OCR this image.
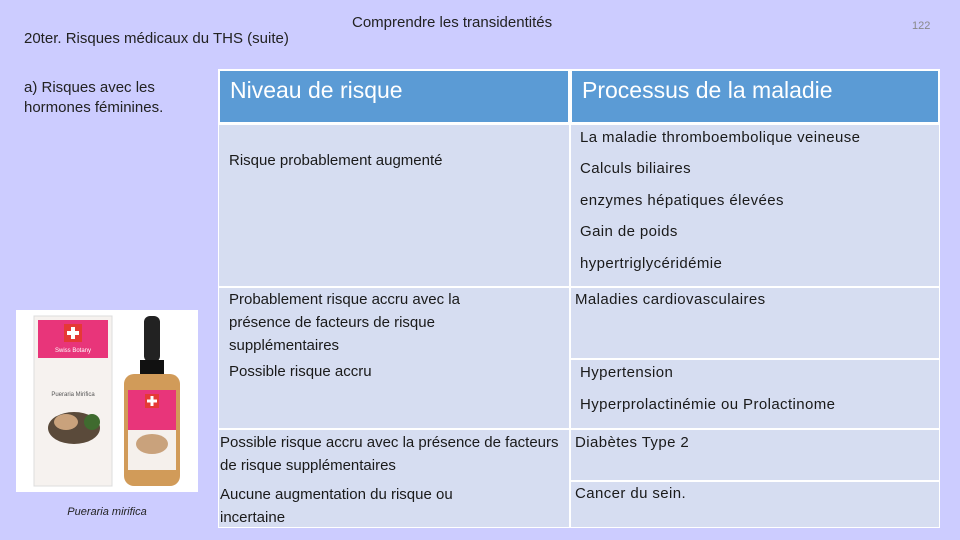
20ter. Risques médicaux du THS (suite)
Comprendre les transidentités	122
a) Risques avec les hormones féminines.
Swiss Botany
Pueraria Mirifica
Pueraria mirifica
Niveau de risque	Processus de la maladie
Risque probablement augmenté
La maladie thromboembolique veineuse
Calculs biliaires
enzymes hépatiques élevées
Gain de poids
hypertriglycéridémie
Probablement risque accru avec la présence de facteurs de risque supplémentaires
Possible risque accru
Maladies cardiovasculaires
Hypertension
Hyperprolactinémie ou Prolactinome
Possible risque accru avec la présence de facteurs de risque supplémentaires
Aucune augmentation du risque ou incertaine
Diabètes Type 2
Cancer du sein.
